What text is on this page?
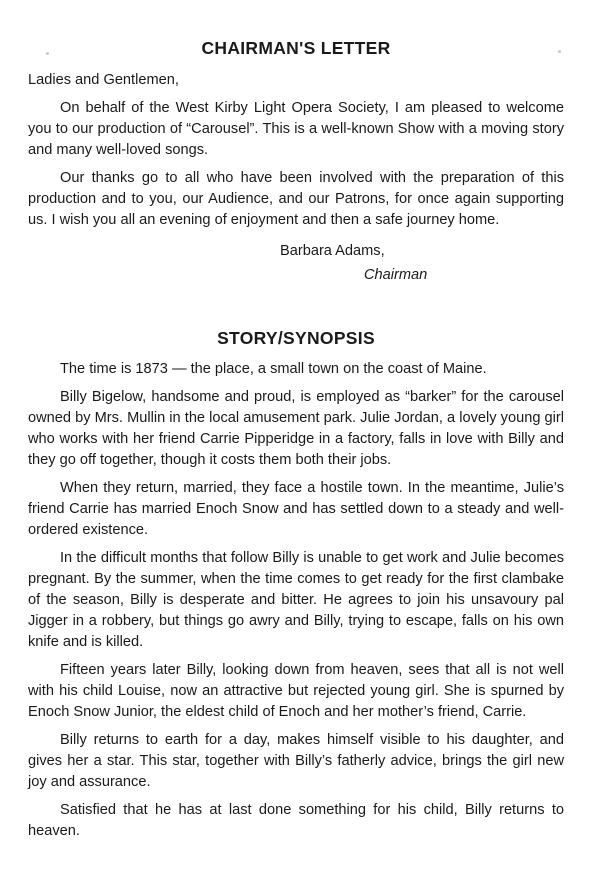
CHAIRMAN'S LETTER

Ladies and Gentlemen,

On behalf of the West Kirby Light Opera Society, I am pleased to welcome you to our production of “Carousel”. This is a well-known Show with a moving story and many well-loved songs.

Our thanks go to all who have been involved with the preparation of this production and to you, our Audience, and our Patrons, for once again supporting us. I wish you all an evening of enjoyment and then a safe journey home.

Barbara Adams,
Chairman
STORY/SYNOPSIS

The time is 1873 — the place, a small town on the coast of Maine.

Billy Bigelow, handsome and proud, is employed as “barker” for the carousel owned by Mrs. Mullin in the local amusement park. Julie Jordan, a lovely young girl who works with her friend Carrie Pipperidge in a factory, falls in love with Billy and they go off together, though it costs them both their jobs.

When they return, married, they face a hostile town. In the meantime, Julie’s friend Carrie has married Enoch Snow and has settled down to a steady and well-ordered existence.

In the difficult months that follow Billy is unable to get work and Julie becomes pregnant. By the summer, when the time comes to get ready for the first clambake of the season, Billy is desperate and bitter. He agrees to join his unsavoury pal Jigger in a robbery, but things go awry and Billy, trying to escape, falls on his own knife and is killed.

Fifteen years later Billy, looking down from heaven, sees that all is not well with his child Louise, now an attractive but rejected young girl. She is spurned by Enoch Snow Junior, the eldest child of Enoch and her mother’s friend, Carrie.

Billy returns to earth for a day, makes himself visible to his daughter, and gives her a star. This star, together with Billy’s fatherly advice, brings the girl new joy and assurance.

Satisfied that he has at last done something for his child, Billy returns to heaven.
